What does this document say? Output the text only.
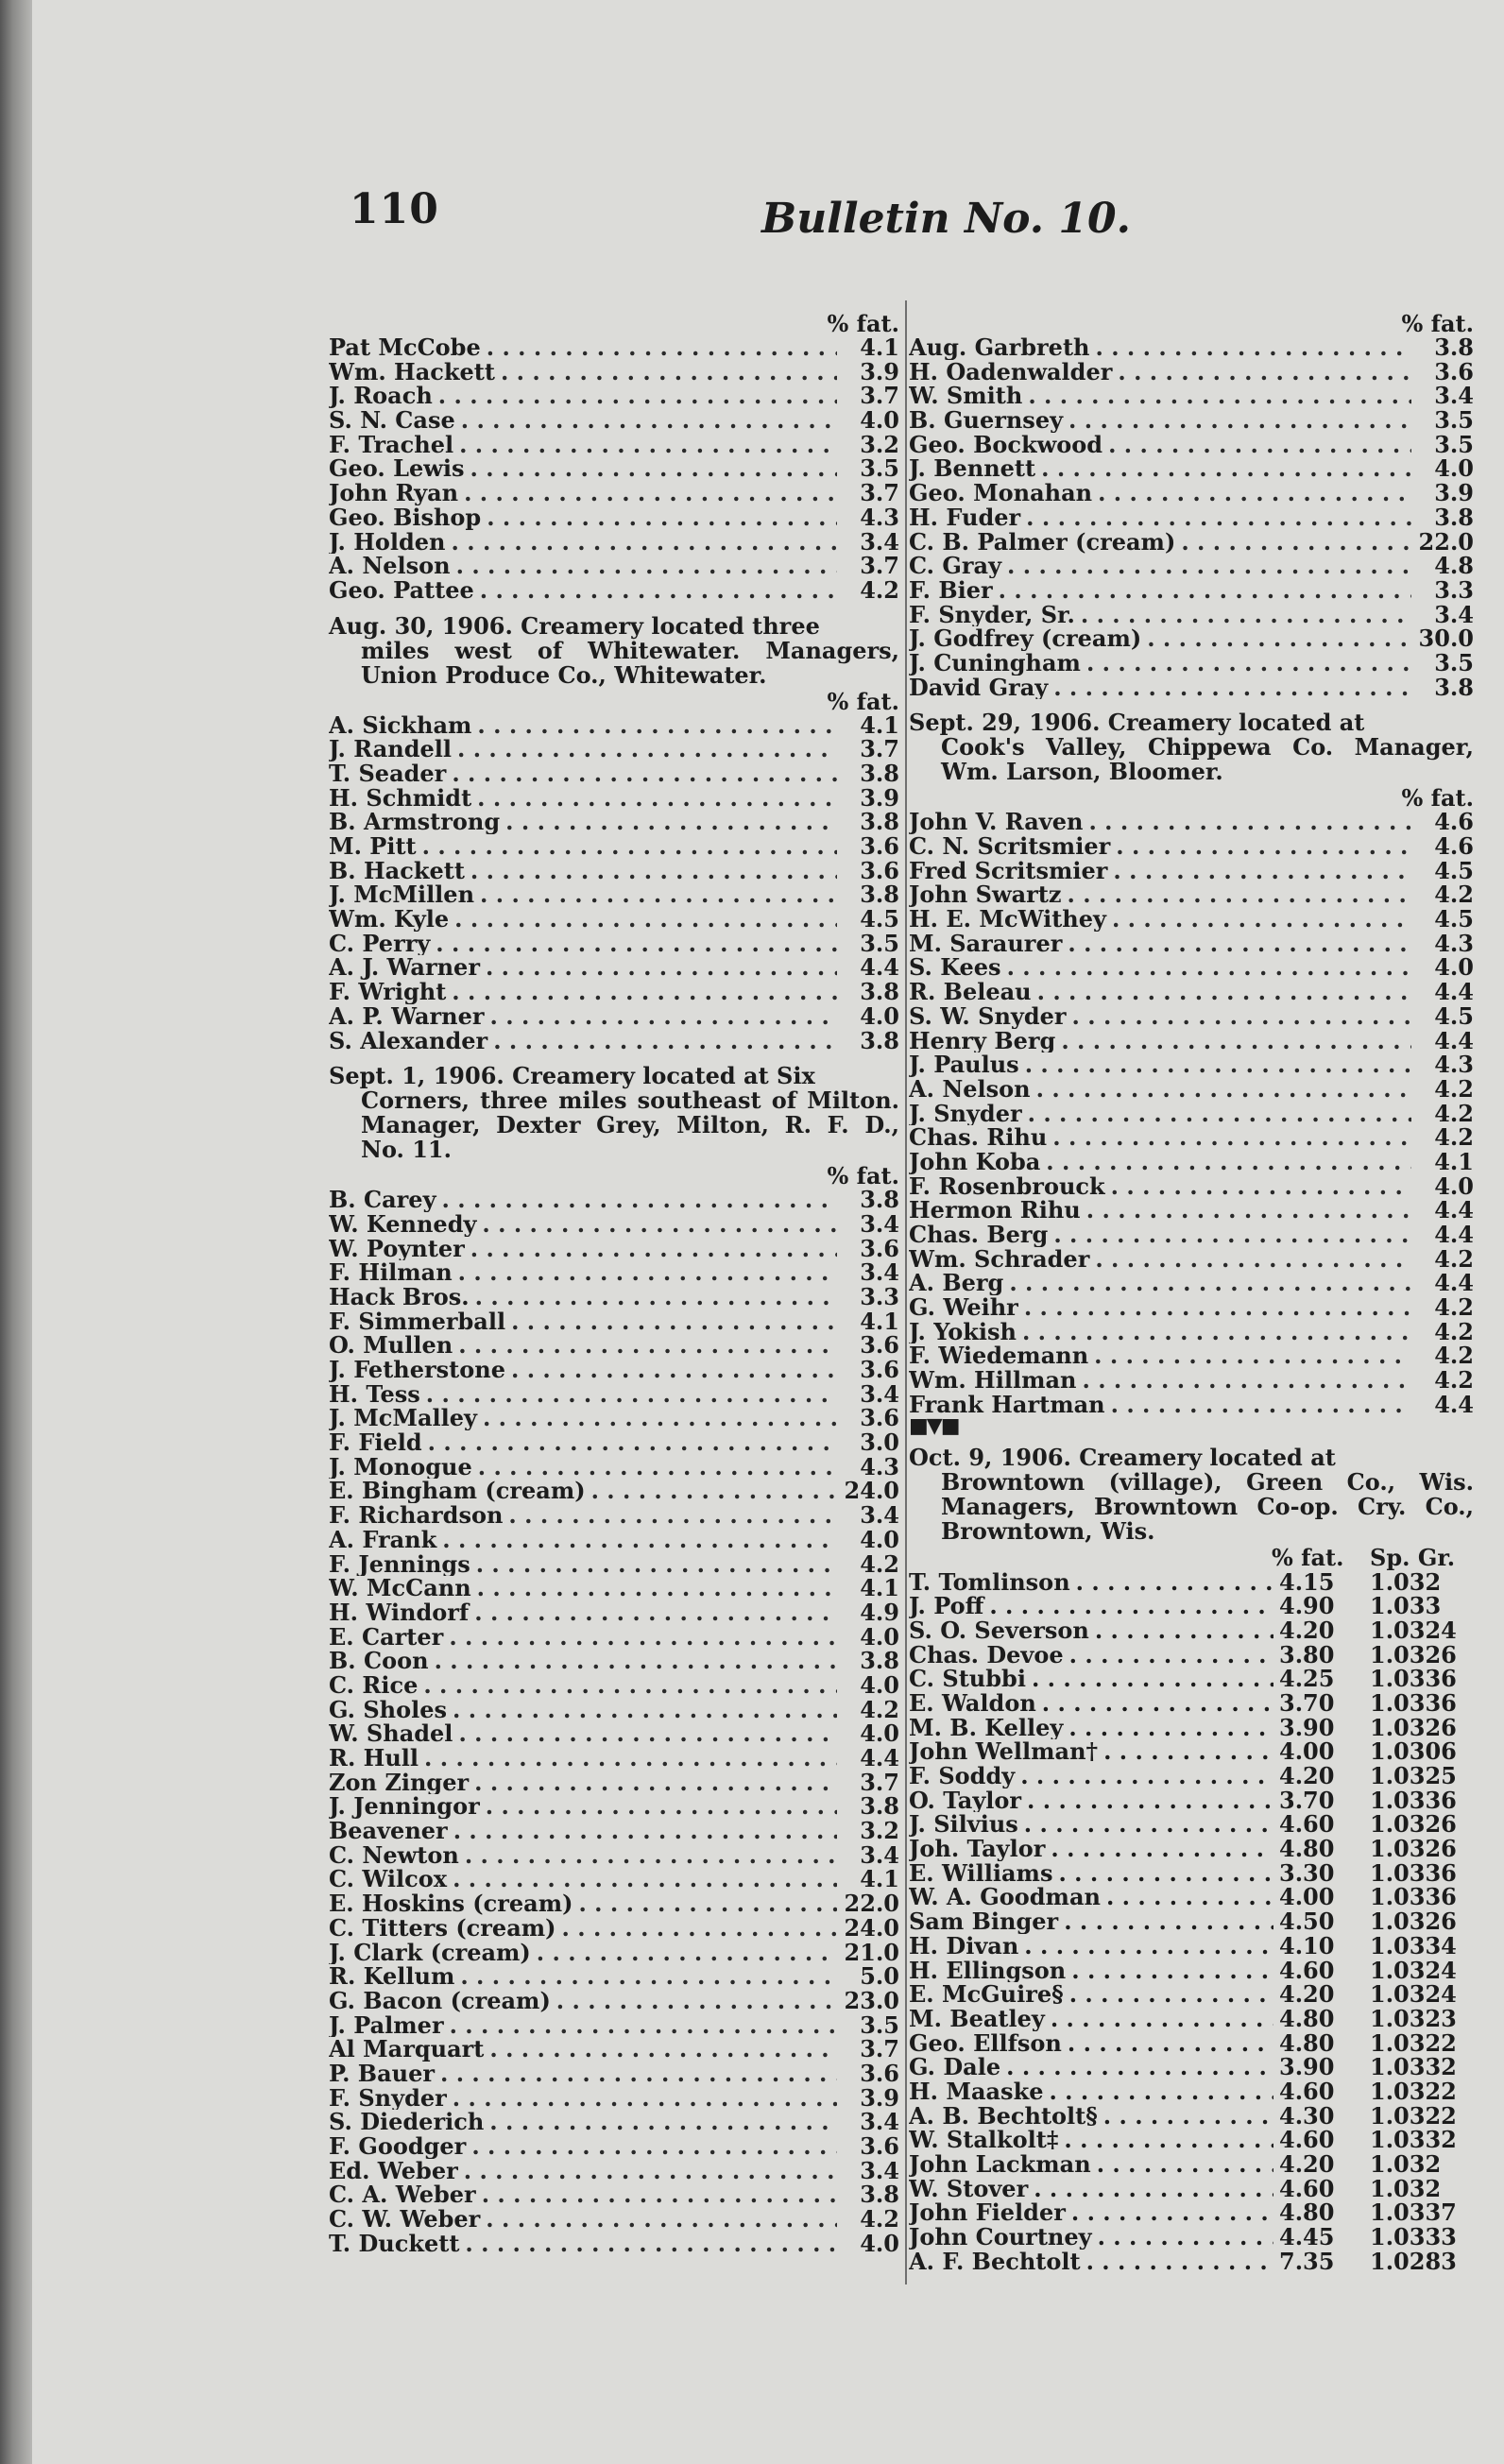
110	Bulletin No. 10.
% fat.
Pat McCobe . . .	4.1
Wm. Hackett . . .	3.9
J. Roach . . .	3.7
S. N. Case . . .	4.0
F. Trachel . . .	3.2
Geo. Lewis . . .	3.5
John Ryan . . .	3.7
Geo. Bishop . . .	4.3
J. Holden . . .	3.4
A. Nelson . . .	3.7
Geo. Pattee . . .	4.2
Aug. 30, 1906. Creamery located three
miles west of Whitewater. Managers, Union Produce Co., Whitewater.
% fat.
A. Sickham . . .	4.1
J. Randell . . .	3.7
T. Seader . . .	3.8
H. Schmidt . . .	3.9
B. Armstrong . . .	3.8
M. Pitt . . .	3.6
B. Hackett . . .	3.6
J. McMillen . . .	3.8
Wm. Kyle . . .	4.5
C. Perry . . .	3.5
A. J. Warner . . .	4.4
F. Wright . . .	3.8
A. P. Warner . . .	4.0
S. Alexander . . .	3.8
Sept. 1, 1906. Creamery located at Six
Corners, three miles southeast of Milton. Manager, Dexter Grey, Milton, R. F. D., No. 11.
% fat.
B. Carey . . .	3.8
W. Kennedy . . .	3.4
W. Poynter . . .	3.6
F. Hilman . . .	3.4
Hack Bros. . . .	3.3
F. Simmerball . . .	4.1
O. Mullen . . .	3.6
J. Fetherstone . . .	3.6
H. Tess . . .	3.4
J. McMalley . . .	3.6
F. Field . . .	3.0
J. Monogue . . .	4.3
E. Bingham (cream) . . .	24.0
F. Richardson . . .	3.4
A. Frank . . .	4.0
F. Jennings . . .	4.2
W. McCann . . .	4.1
H. Windorf . . .	4.9
E. Carter . . .	4.0
B. Coon . . .	3.8
C. Rice . . .	4.0
G. Sholes . . .	4.2
W. Shadel . . .	4.0
R. Hull . . .	4.4
Zon Zinger . . .	3.7
J. Jenningor . . .	3.8
Beavener . . .	3.2
C. Newton . . .	3.4
C. Wilcox . . .	4.1
E. Hoskins (cream) . . .	22.0
C. Titters (cream) . . .	24.0
J. Clark (cream) . . .	21.0
R. Kellum . . .	5.0
G. Bacon (cream) . . .	23.0
J. Palmer . . .	3.5
Al Marquart . . .	3.7
P. Bauer . . .	3.6
F. Snyder . . .	3.9
S. Diederich . . .	3.4
F. Goodger . . .	3.6
Ed. Weber . . .	3.4
C. A. Weber . . .	3.8
C. W. Weber . . .	4.2
T. Duckett . . .	4.0
% fat.
Aug. Garbreth . . .	3.8
H. Oadenwalder . . .	3.6
W. Smith . . .	3.4
B. Guernsey . . .	3.5
Geo. Bockwood . . .	3.5
J. Bennett . . .	4.0
Geo. Monahan . . .	3.9
H. Fuder . . .	3.8
C. B. Palmer (cream) . . .	22.0
C. Gray . . .	4.8
F. Bier . . .	3.3
F. Snyder, Sr. . . .	3.4
J. Godfrey (cream) . . .	30.0
J. Cuningham . . .	3.5
David Gray . . .	3.8
Sept. 29, 1906. Creamery located at
Cook's Valley, Chippewa Co. Manager, Wm. Larson, Bloomer.
% fat.
John V. Raven . . .	4.6
C. N. Scritsmier . . .	4.6
Fred Scritsmier . . .	4.5
John Swartz . . .	4.2
H. E. McWithey . . .	4.5
M. Saraurer . . .	4.3
S. Kees . . .	4.0
R. Beleau . . .	4.4
S. W. Snyder . . .	4.5
Henry Berg . . .	4.4
J. Paulus . . .	4.3
A. Nelson . . .	4.2
J. Snyder . . .	4.2
Chas. Rihu . . .	4.2
John Koba . . .	4.1
F. Rosenbrouck . . .	4.0
Hermon Rihu . . .	4.4
Chas. Berg . . .	4.4
Wm. Schrader . . .	4.2
A. Berg . . .	4.4
G. Weihr . . .	4.2
J. Yokish . . .	4.2
F. Wiedemann . . .	4.2
Wm. Hillman . . .	4.2
Frank Hartman . . .	4.4
■▼■
Oct. 9, 1906. Creamery located at
Browntown (village), Green Co., Wis. Managers, Browntown Co-op. Cry. Co., Browntown, Wis.
% fat.	Sp. Gr.
T. Tomlinson . . .	4.15	1.032
J. Poff . . .	4.90	1.033
S. O. Severson . . .	4.20	1.0324
Chas. Devoe . . .	3.80	1.0326
C. Stubbi . . .	4.25	1.0336
E. Waldon . . .	3.70	1.0336
M. B. Kelley . . .	3.90	1.0326
John Wellman† . . .	4.00	1.0306
F. Soddy . . .	4.20	1.0325
O. Taylor . . .	3.70	1.0336
J. Silvius . . .	4.60	1.0326
Joh. Taylor . . .	4.80	1.0326
E. Williams . . .	3.30	1.0336
W. A. Goodman . . .	4.00	1.0336
Sam Binger . . .	4.50	1.0326
H. Divan . . .	4.10	1.0334
H. Ellingson . . .	4.60	1.0324
E. McGuire§ . . .	4.20	1.0324
M. Beatley . . .	4.80	1.0323
Geo. Ellfson . . .	4.80	1.0322
G. Dale . . .	3.90	1.0332
H. Maaske . . .	4.60	1.0322
A. B. Bechtolt§ . . .	4.30	1.0322
W. Stalkolt‡ . . .	4.60	1.0332
John Lackman . . .	4.20	1.032
W. Stover . . .	4.60	1.032
John Fielder . . .	4.80	1.0337
John Courtney . . .	4.45	1.0333
A. F. Bechtolt . . .	7.35	1.0283
